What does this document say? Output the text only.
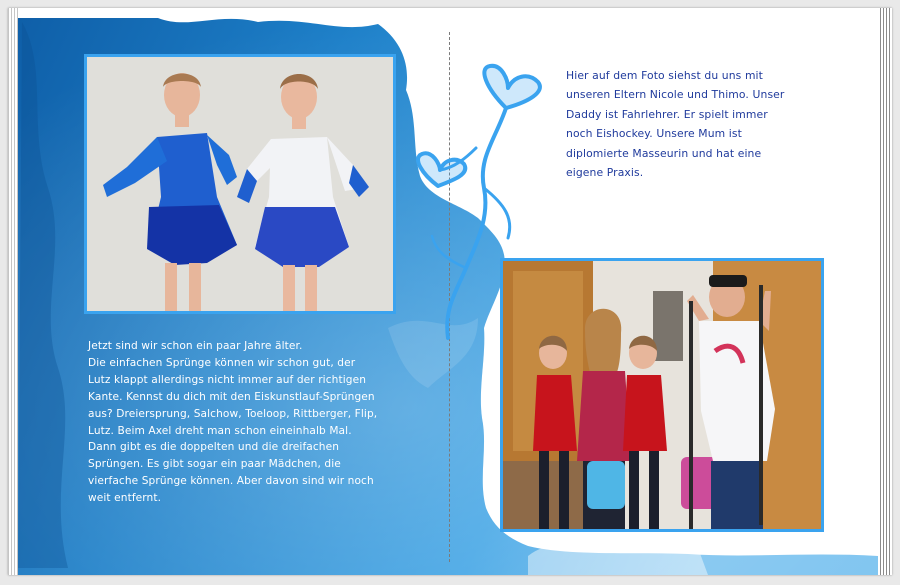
Jetzt sind wir schon ein paar Jahre älter.
Die einfachen Sprünge können wir schon gut, der
Lutz klappt allerdings nicht immer auf der richtigen
Kante. Kennst du dich mit den Eiskunstlauf-Sprüngen
aus? Dreiersprung, Salchow, Toeloop, Rittberger, Flip,
Lutz. Beim Axel dreht man schon eineinhalb Mal.
Dann gibt es die doppelten und die dreifachen
Sprüngen. Es gibt sogar ein paar Mädchen, die
vierfache Sprünge können. Aber davon sind wir noch
weit entfernt.

Hier auf dem Foto siehst du uns mit
unseren Eltern Nicole und Thimo. Unser
Daddy ist Fahrlehrer. Er spielt immer
noch Eishockey. Unsere Mum ist
diplomierte Masseurin und hat eine
eigene Praxis.
